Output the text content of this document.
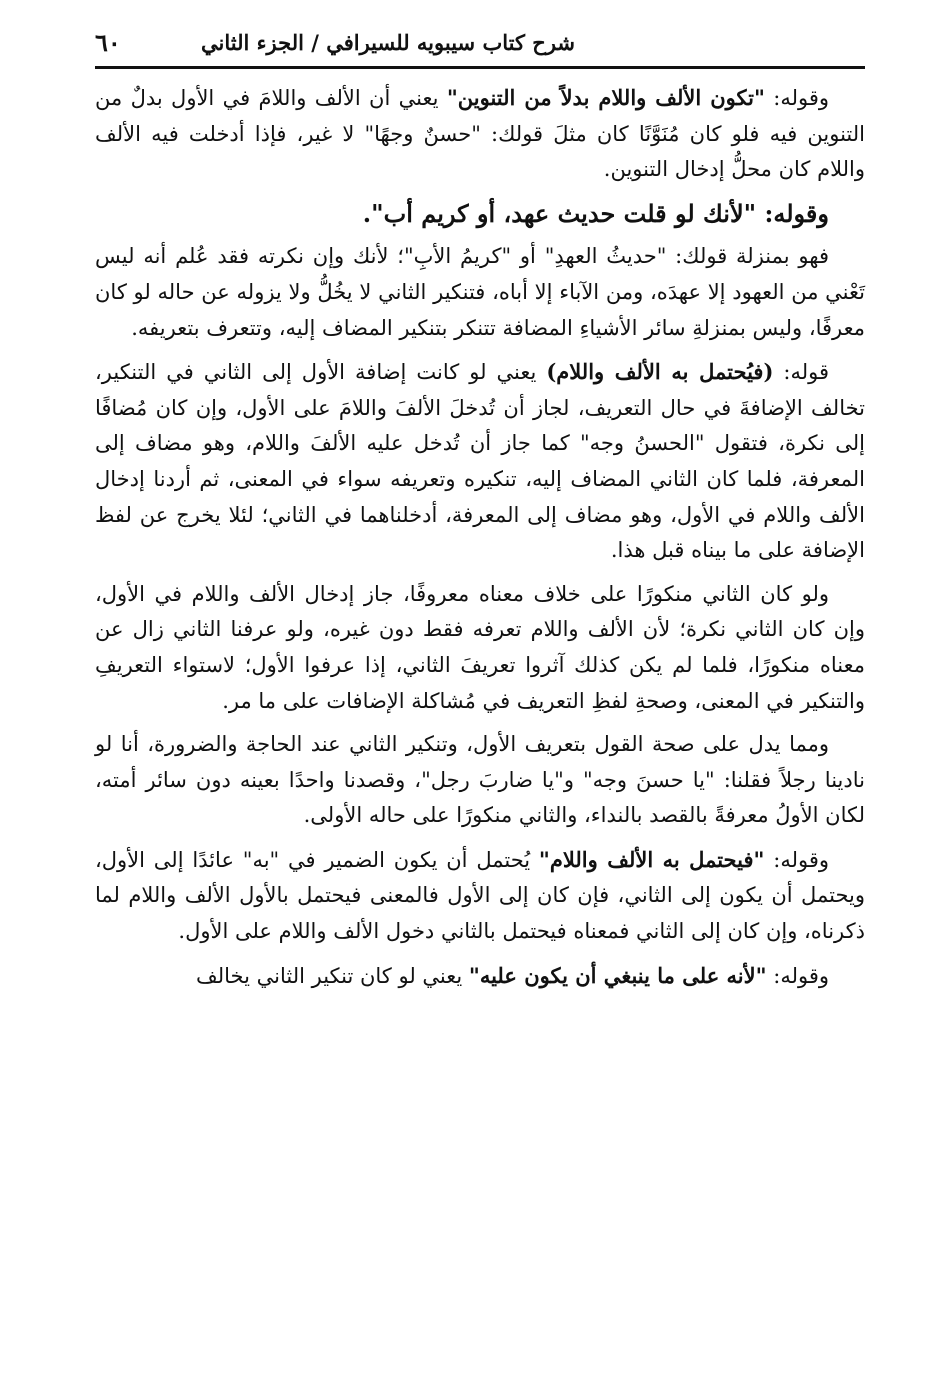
شرح كتاب سيبويه للسيرافي / الجزء الثاني
٦٠

وقوله: "تكون الألف واللام بدلاً من التنوين" يعني أن الألف واللامَ في الأول بدلٌ من التنوين فيه فلو كان مُنَوَّنًا كان مثلَ قولك: "حسنٌ وجهًا" لا غير، فإذا أدخلت فيه الألف واللام كان محلُّ إدخال التنوين.

وقوله: "لأنك لو قلت حديث عهد، أو كريم أب".

فهو بمنزلة قولك: "حديثُ العهدِ" أو "كريمُ الأبِ"؛ لأنك وإن نكرته فقد عُلم أنه ليس تَعْني من العهود إلا عهدَه، ومن الآباء إلا أباه، فتنكير الثاني لا يخُلُّ ولا يزوله عن حاله لو كان معرفًا، وليس بمنزلةِ سائر الأشياءِ المضافة تتنكر بتنكير المضاف إليه، وتتعرف بتعريفه.

قوله: (فيُحتمل به الألف واللام) يعني لو كانت إضافة الأول إلى الثاني في التنكير، تخالف الإضافةَ في حال التعريف، لجاز أن تُدخلَ الألفَ واللامَ على الأول، وإن كان مُضافًا إلى نكرة، فتقول "الحسنُ وجه" كما جاز أن تُدخل عليه الألفَ واللام، وهو مضاف إلى المعرفة، فلما كان الثاني المضاف إليه، تنكيره وتعريفه سواء في المعنى، ثم أردنا إدخال الألف واللام في الأول، وهو مضاف إلى المعرفة، أدخلناهما في الثاني؛ لئلا يخرج عن لفظ الإضافة على ما بيناه قبل هذا.

ولو كان الثاني منكورًا على خلاف معناه معروفًا، جاز إدخال الألف واللام في الأول، وإن كان الثاني نكرة؛ لأن الألف واللام تعرفه فقط دون غيره، ولو عرفنا الثاني زال عن معناه منكورًا، فلما لم يكن كذلك آثروا تعريفَ الثاني، إذا عرفوا الأول؛ لاستواء التعريفِ والتنكير في المعنى، وصحةِ لفظِ التعريف في مُشاكلة الإضافات على ما مر.

ومما يدل على صحة القول بتعريف الأول، وتنكير الثاني عند الحاجة والضرورة، أنا لو نادينا رجلاً فقلنا: "يا حسنَ وجه" و"يا ضاربَ رجل"، وقصدنا واحدًا بعينه دون سائر أمته، لكان الأولُ معرفةً بالقصد بالنداء، والثاني منكورًا على حاله الأولى.

وقوله: "فيحتمل به الألف واللام" يُحتمل أن يكون الضمير في "به" عائدًا إلى الأول، ويحتمل أن يكون إلى الثاني، فإن كان إلى الأول فالمعنى فيحتمل بالأول الألف واللام لما ذكرناه، وإن كان إلى الثاني فمعناه فيحتمل بالثاني دخول الألف واللام على الأول.

وقوله: "لأنه على ما ينبغي أن يكون عليه" يعني لو كان تنكير الثاني يخالف
